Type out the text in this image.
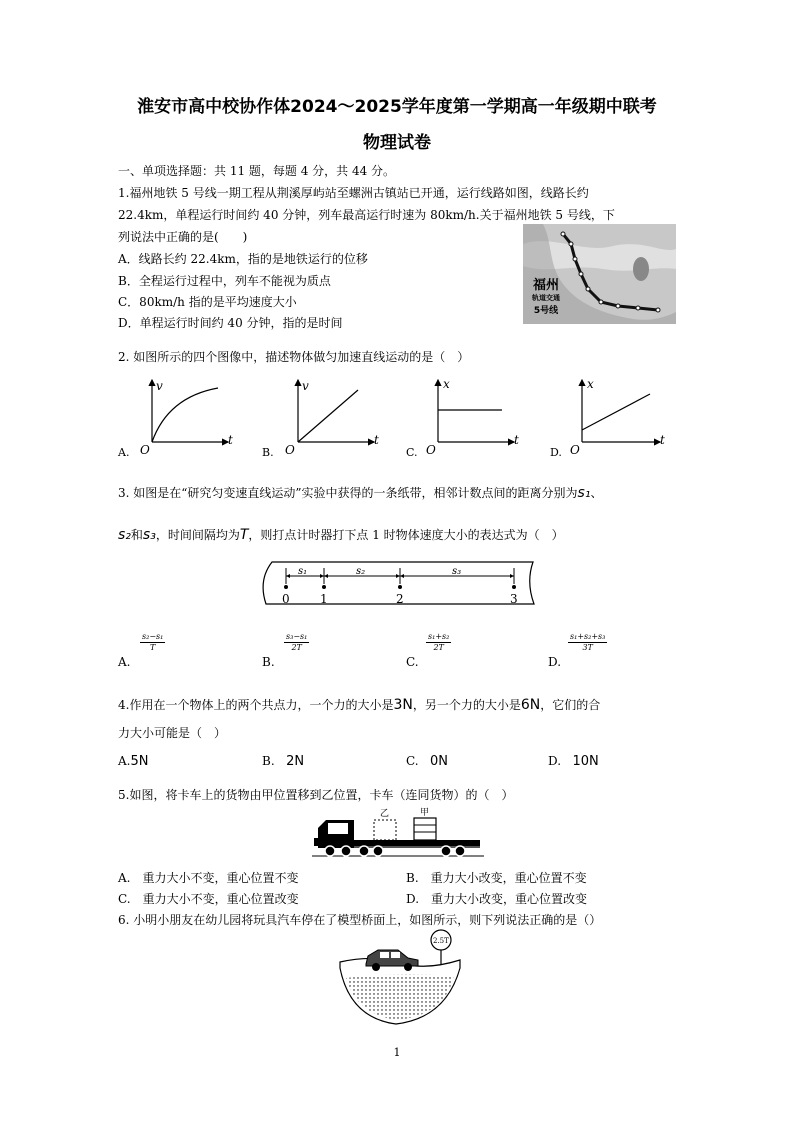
淮安市高中校协作体2024～2025学年度第一学期高一年级期中联考
物理试卷
一、单项选择题：共 11 题，每题 4 分，共 44 分。
1.福州地铁 5 号线一期工程从荆溪厚屿站至螺洲古镇站已开通，运行线路如图，线路长约
22.4km，单程运行时间约 40 分钟，列车最高运行时速为 80km/h.关于福州地铁 5 号线，下
列说法中正确的是(　　)
A．线路长约 22.4km，指的是地铁运行的位移
B．全程运行过程中，列车不能视为质点
C．80km/h 指的是平均速度大小
D．单程运行时间约 40 分钟，指的是时间
福州
轨道交通
5号线
2. 如图所示的四个图像中，描述物体做匀加速直线运动的是（　）
v
t
O
A.
v
t
O
B.
x
t
O
C.
x
t
O
D.
3. 如图是在“研究匀变速直线运动”实验中获得的一条纸带，相邻计数点间的距离分别为s₁、
s₂和s₃，时间间隔均为T，则打点计时器打下点 1 时物体速度大小的表达式为（　）
s₁	s₂	s₃
0	1	2	3
$\frac{\text{s₂−s₁}}{T}$
A.
$\frac{\text{s₃−s₁}}{2T}$
B.
$\frac{\text{s₁+s₂}}{2T}$
C.
$\frac{\text{s₁+s₂+s₃}}{3T}$
D.
4.作用在一个物体上的两个共点力，一个力的大小是3N，另一个力的大小是6N，它们的合
力大小可能是（　）
A.5N	B. 2N	C. 0N	D. 10N
5.如图，将卡车上的货物由甲位置移到乙位置，卡车（连同货物）的（　）
乙	甲
A.　重力大小不变，重心位置不变	B.　重力大小改变，重心位置不变
C.　重力大小不变，重心位置改变	D.　重力大小改变，重心位置改变
6. 小明小朋友在幼儿园将玩具汽车停在了模型桥面上，如图所示，则下列说法正确的是（）
2.5T
1
